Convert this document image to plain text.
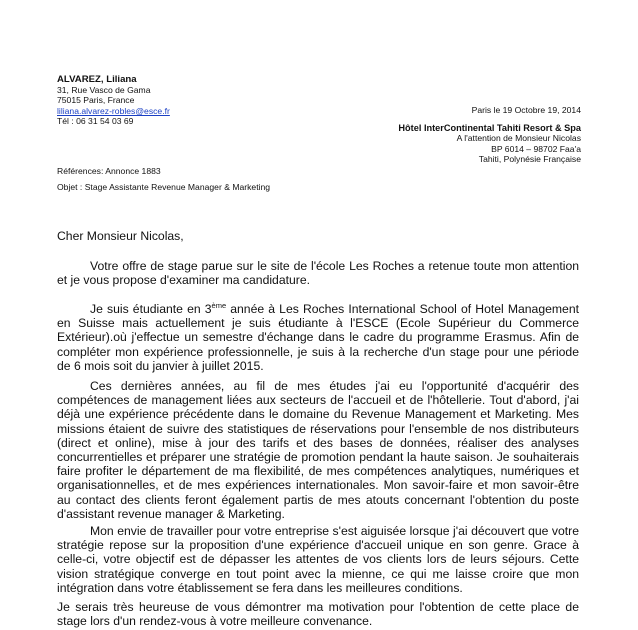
ALVAREZ, Liliana
31, Rue Vasco de Gama
75015 Paris, France
liliana.alvarez-robles@esce.fr
Tél : 06 31 54 03 69
Paris le 19 Octobre 19, 2014
Hôtel InterContinental Tahiti Resort & Spa
A l'attention de Monsieur Nicolas
BP 6014 – 98702 Faa'a
Tahiti, Polynésie Française
Références: Annonce 1883
Objet : Stage Assistante Revenue Manager & Marketing
Cher Monsieur Nicolas,
Votre offre de stage parue sur le site de l'école Les Roches a retenue toute mon attention et je vous propose d'examiner ma candidature.
Je suis étudiante en 3ème année à Les Roches International School of Hotel Management en Suisse mais actuellement je suis étudiante à l'ESCE (Ecole Supérieur du Commerce Extérieur).où j'effectue un semestre d'échange dans le cadre du programme Erasmus. Afin de compléter mon expérience professionnelle, je suis à la recherche d'un stage pour une période de 6 mois soit du janvier à juillet 2015.
Ces dernières années, au fil de mes études j'ai eu l'opportunité d'acquérir des compétences de management liées aux secteurs de l'accueil et de l'hôtellerie. Tout d'abord, j'ai déjà une expérience précédente dans le domaine du Revenue Management et Marketing. Mes missions étaient de suivre des statistiques de réservations pour l'ensemble de nos distributeurs (direct et online), mise à jour des tarifs et des bases de données, réaliser des analyses concurrentielles et préparer une stratégie de promotion pendant la haute saison. Je souhaiterais faire profiter le département de ma flexibilité, de mes compétences analytiques, numériques et organisationnelles, et de mes expériences internationales. Mon savoir-faire et mon savoir-être au contact des clients feront également partis de mes atouts concernant l'obtention du poste d'assistant revenue manager & Marketing.
Mon envie de travailler pour votre entreprise s'est aiguisée lorsque j'ai découvert que votre stratégie repose sur la proposition d'une expérience d'accueil unique en son genre. Grace à celle-ci, votre objectif est de dépasser les attentes de vos clients lors de leurs séjours. Cette vision stratégique converge en tout point avec la mienne, ce qui me laisse croire que mon intégration dans votre établissement se fera dans les meilleures conditions.
Je serais très heureuse de vous démontrer ma motivation pour l'obtention de cette place de stage lors d'un rendez-vous à votre meilleure convenance.
